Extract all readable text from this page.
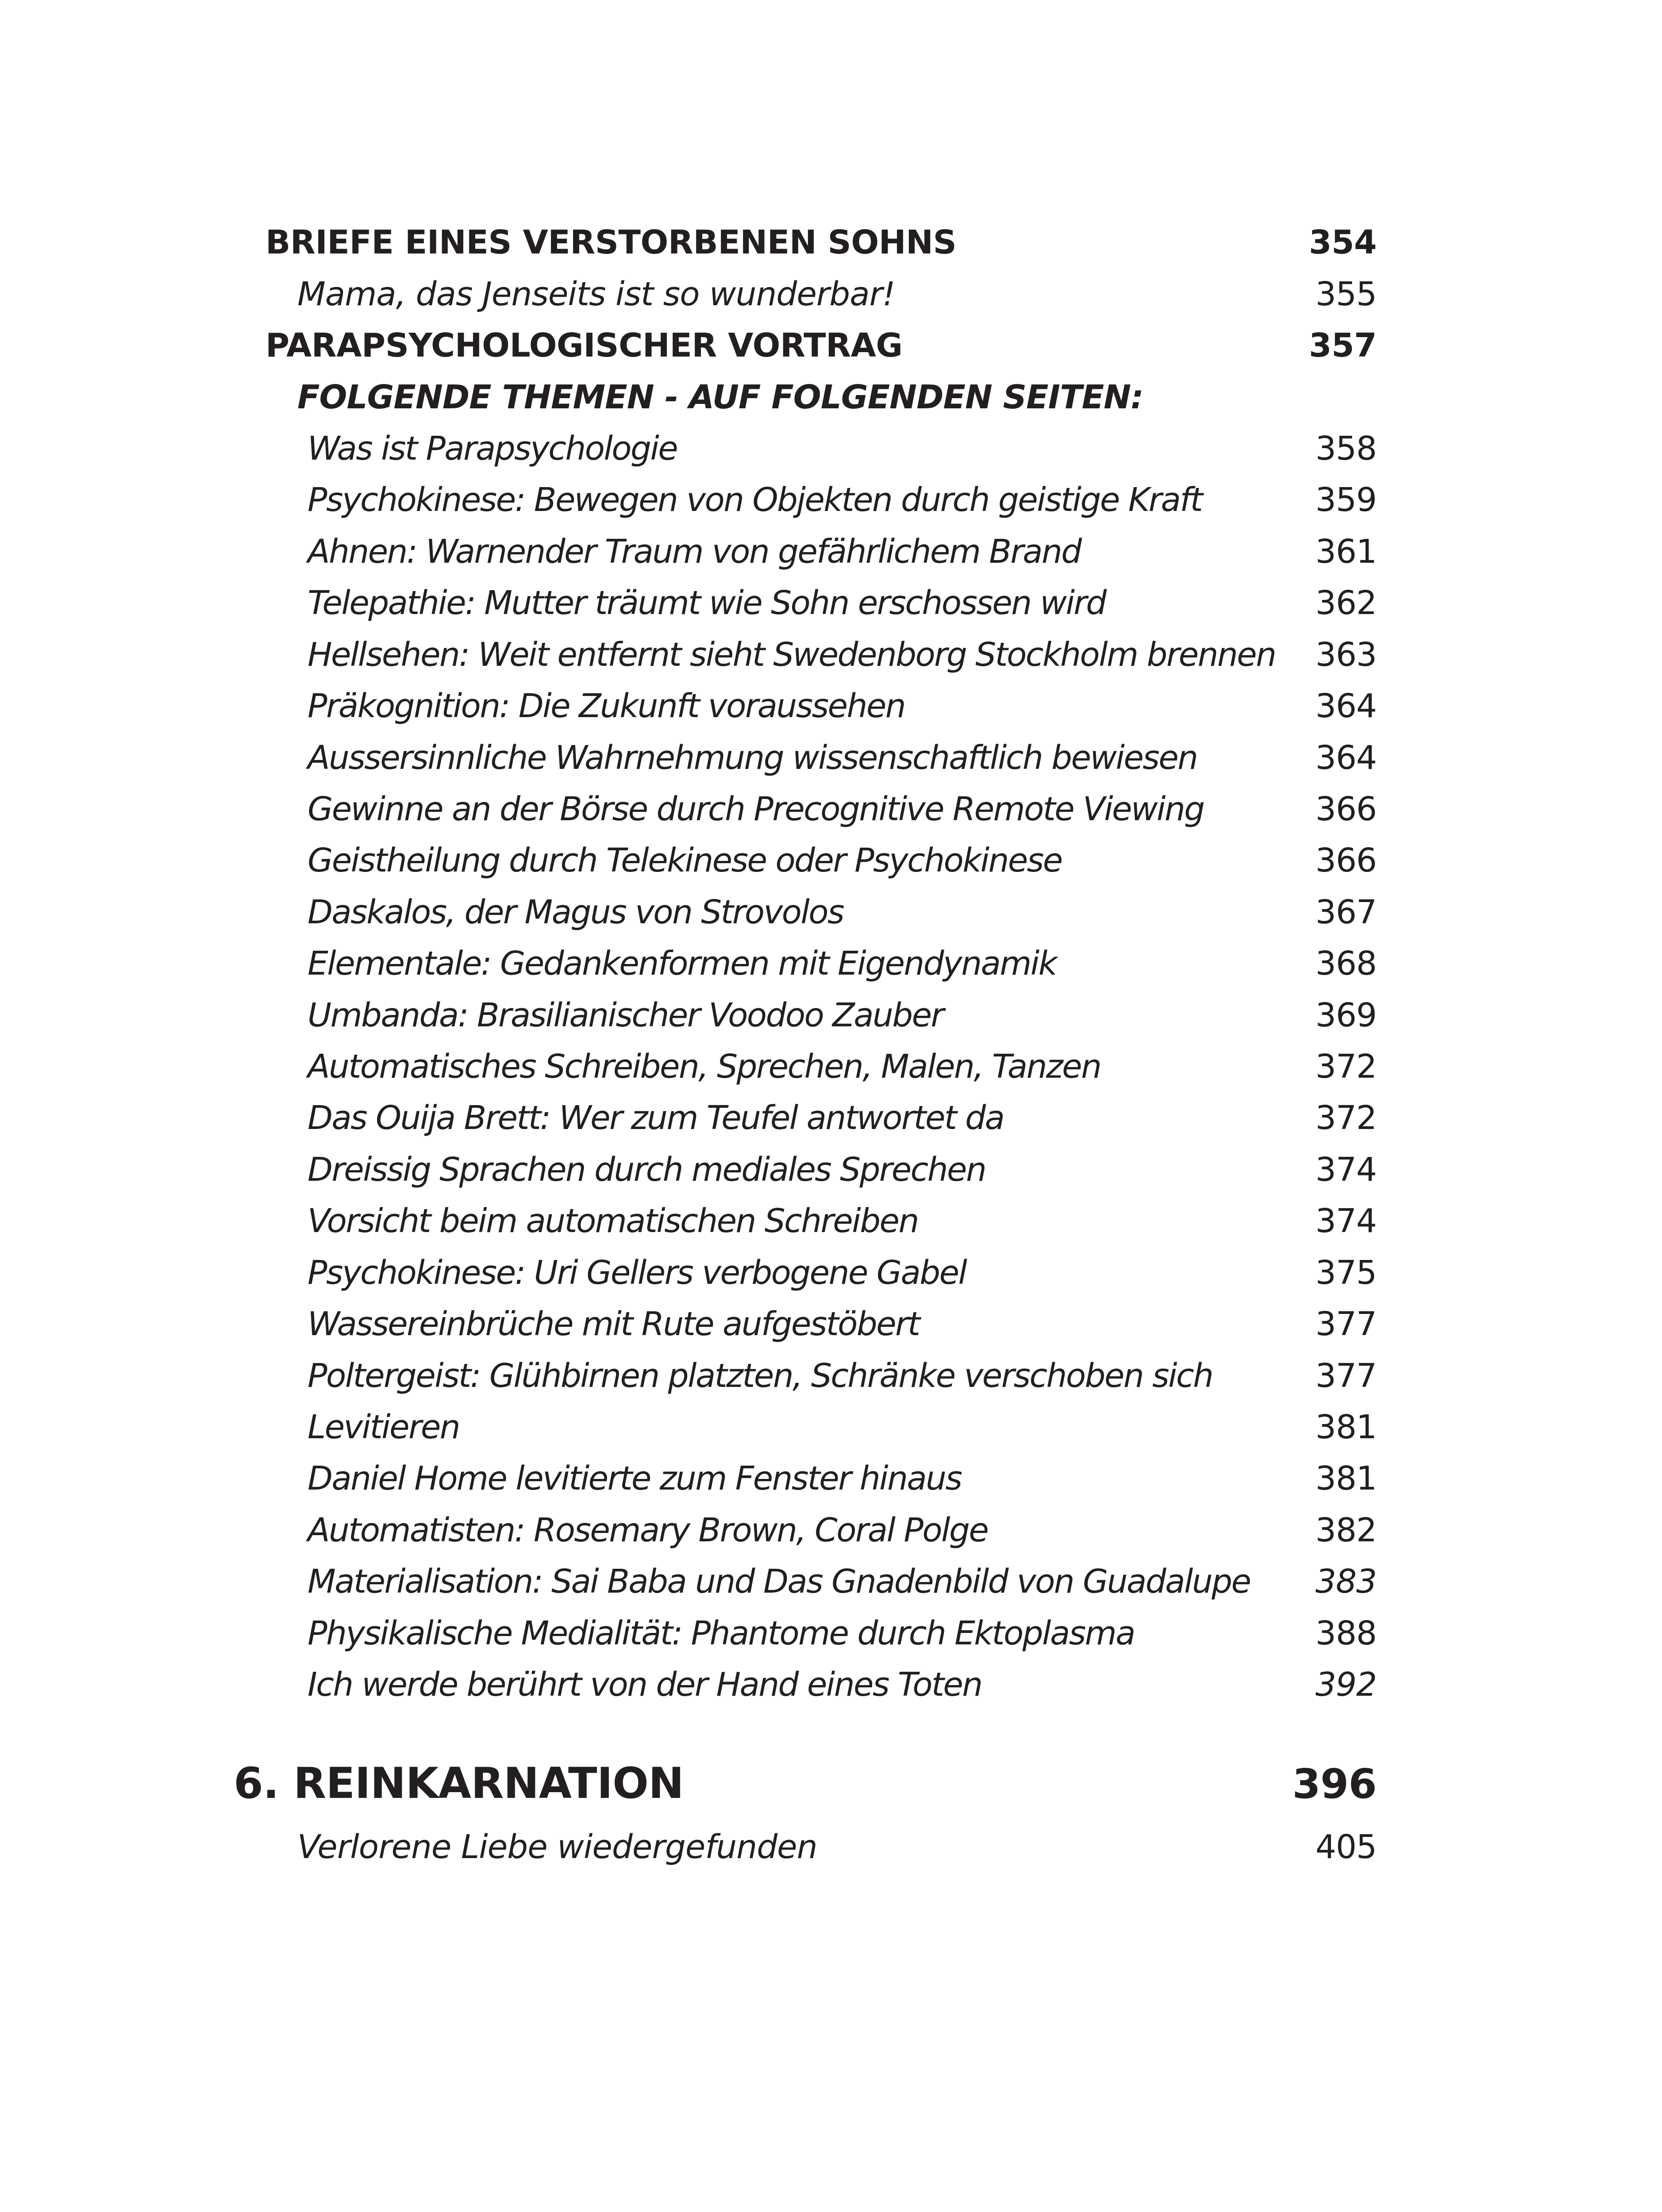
BRIEFE EINES VERSTORBENEN SOHNS	354
Mama, das Jenseits ist so wunderbar!	355
PARAPSYCHOLOGISCHER VORTRAG	357
FOLGENDE THEMEN - AUF FOLGENDEN SEITEN:
Was ist Parapsychologie	358
Psychokinese: Bewegen von Objekten durch geistige Kraft	359
Ahnen: Warnender Traum von gefährlichem Brand	361
Telepathie: Mutter träumt wie Sohn erschossen wird	362
Hellsehen: Weit entfernt sieht Swedenborg Stockholm brennen 363
Präkognition: Die Zukunft voraussehen	364
Aussersinnliche Wahrnehmung wissenschaftlich bewiesen	364
Gewinne an der Börse durch Precognitive Remote Viewing	366
Geistheilung durch Telekinese oder Psychokinese	366
Daskalos, der Magus von Strovolos	367
Elementale: Gedankenformen mit Eigendynamik	368
Umbanda: Brasilianischer Voodoo Zauber	369
Automatisches Schreiben, Sprechen, Malen, Tanzen	372
Das Ouija Brett: Wer zum Teufel antwortet da	372
Dreissig Sprachen durch mediales Sprechen	374
Vorsicht beim automatischen Schreiben	374
Psychokinese: Uri Gellers verbogene Gabel	375
Wassereinbrüche mit Rute aufgestöbert	377
Poltergeist: Glühbirnen platzten, Schränke verschoben sich	377
Levitieren	381
Daniel Home levitierte zum Fenster hinaus	381
Automatisten: Rosemary Brown, Coral Polge	382
Materialisation: Sai Baba und Das Gnadenbild von Guadalupe 383
Physikalische Medialität: Phantome durch Ektoplasma	388
Ich werde berührt von der Hand eines Toten	392
6. REINKARNATION	396
Verlorene Liebe wiedergefunden	405
